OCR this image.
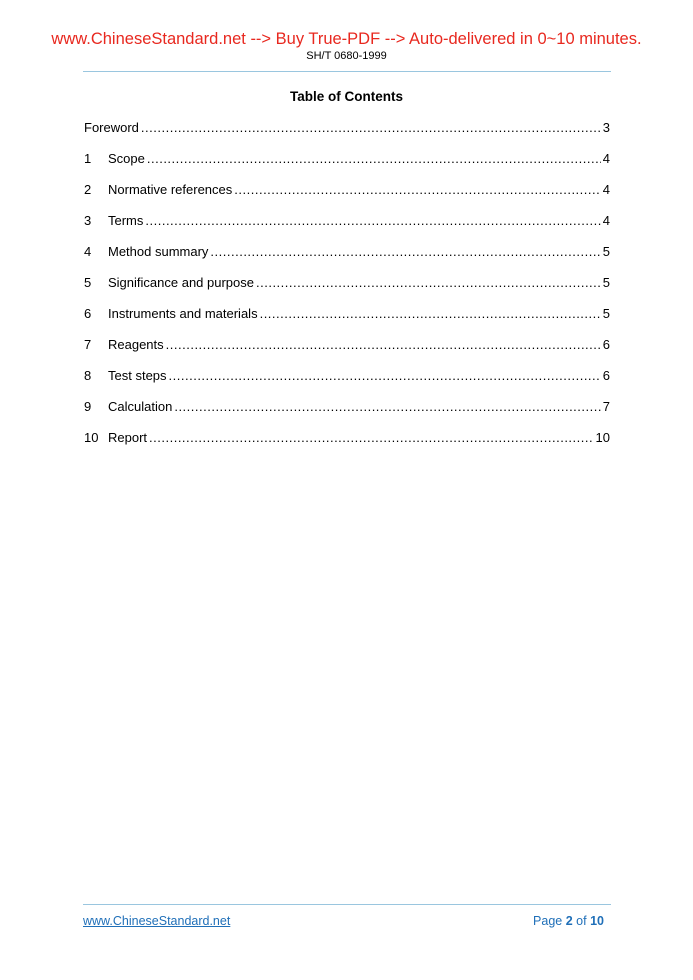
www.ChineseStandard.net --> Buy True-PDF --> Auto-delivered in 0~10 minutes.
SH/T 0680-1999
Table of Contents
Foreword .....	3
1	Scope .....	4
2	Normative references .....	4
3	Terms .....	4
4	Method summary .....	5
5	Significance and purpose .....	5
6	Instruments and materials .....	5
7	Reagents .....	6
8	Test steps .....	6
9	Calculation .....	7
10 Report .....	10
www.ChineseStandard.net	Page 2 of 10
